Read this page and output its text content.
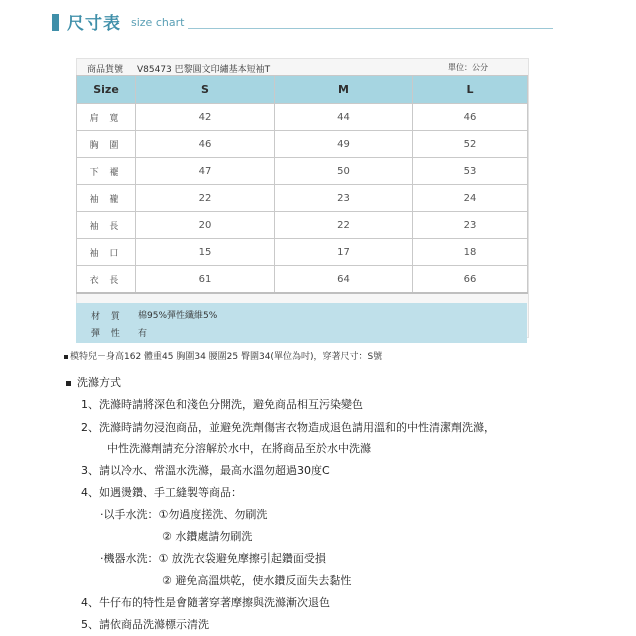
尺寸表 size chart
商品貨號 V85473 巴黎圓文印繡基本短袖T	單位：公分
Size	S	M	L
肩 寬	42	44	46
胸 圍	46	49	52
下 襬	47	50	53
袖 襱	22	23	24
袖 長	20	22	23
袖 口	15	17	18
衣 長	61	64	66
材 質 棉95%彈性纖維5%
彈 性 有
模特兒－身高162 體重45 胸圍34 腰圍25 臀圍34(單位為吋)，穿著尺寸：S號
洗滌方式
1、洗滌時請將深色和淺色分開洗，避免商品相互污染變色
2、洗滌時請勿浸泡商品，並避免洗劑傷害衣物造成退色請用溫和的中性清潔劑洗滌，
中性洗滌劑請充分溶解於水中，在將商品至於水中洗滌
3、請以冷水、常溫水洗滌，最高水溫勿超過30度C
4、如遇燙鑽、手工縫製等商品：
·以手水洗：①勿過度搓洗、勿刷洗
② 水鑽處請勿刷洗
·機器水洗：① 放洗衣袋避免摩擦引起鑽面受損
② 避免高溫烘乾，使水鑽反面失去黏性
4、牛仔布的特性是會隨著穿著摩擦與洗滌漸次退色
5、請依商品洗滌標示清洗
